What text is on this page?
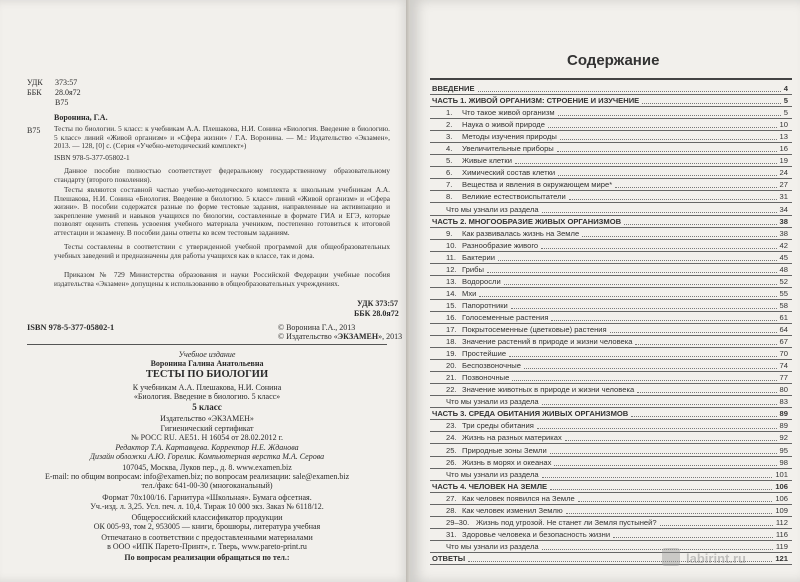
УДК 373:57
ББК 28.0я72
В75
Воронина, Г.А.
В75 Тесты по биологии. 5 класс: к учебникам А.А. Плешакова, Н.И. Сонина «Биология. Введение в биологию. 5 класс» линий «Живой организм» и «Сфера жизни» / Г.А. Воронина. — М.: Издательство «Экзамен», 2013. — 128, [0] с. (Серия «Учебно-методический комплект»)
ISBN 978-5-377-05802-1
Данное пособие полностью соответствует федеральному государственному образовательному стандарту (второго поколения).
Тесты являются составной частью учебно-методического комплекта к школьным учебникам А.А. Плешакова, Н.И. Сонина «Биология. Введение в биологию. 5 класс» линий «Живой организм» и «Сфера жизни». В пособии содержатся разные по форме тестовые задания, направленные на активизацию и закрепление умений и навыков учащихся по биологии, составленные в формате ГИА и ЕГЭ, которые позволят оценить степень усвоения учебного материала учеником, постепенно готовиться к итоговой аттестации и экзамену. В пособии даны ответы ко всем тестовым заданиям.
Тесты составлены в соответствии с утвержденной учебной программой для общеобразовательных учебных заведений и предназначены для работы учащихся как в классе, так и дома.
Приказом № 729 Министерства образования и науки Российской Федерации учебные пособия издательства «Экзамен» допущены к использованию в общеобразовательных учреждениях.
УДК 373:57
ББК 28.0я72
ISBN 978-5-377-05802-1	© Воронина Г.А., 2013
© Издательство «ЭКЗАМЕН», 2013
Учебное издание
Воронина Галина Анатольевна
ТЕСТЫ ПО БИОЛОГИИ
К учебникам А.А. Плешакова, Н.И. Сонина
«Биология. Введение в биологию. 5 класс»
5 класс
Издательство «ЭКЗАМЕН»
Гигиенический сертификат
№ РОСС RU. АЕ51. Н 16054 от 28.02.2012 г.
Редактор Т.А. Картавцева. Корректор Н.Е. Жданова
Дизайн обложки А.Ю. Горелик. Компьютерная верстка М.А. Серова
107045, Москва, Луков пер., д. 8. www.examen.biz
E-mail: по общим вопросам: info@examen.biz; по вопросам реализации: sale@examen.biz
тел./факс 641-00-30 (многоканальный)
Формат 70x100/16. Гарнитура «Школьная». Бумага офсетная.
Уч.-изд. л. 3,25. Усл. печ. л. 10,4. Тираж 10 000 экз. Заказ № 6118/12.
Общероссийский классификатор продукции
ОК 005-93, том 2, 953005 — книги, брошюры, литература учебная
Отпечатано в соответствии с предоставленными материалами
в ООО «ИПК Парето-Принт», г. Тверь, www.pareto-print.ru
По вопросам реализации обращаться по тел.:
Содержание
ВВЕДЕНИЕ	4
ЧАСТЬ 1. ЖИВОЙ ОРГАНИЗМ: СТРОЕНИЕ И ИЗУЧЕНИЕ	5
1. Что такое живой организм	5
2. Наука о живой природе	10
3. Методы изучения природы	13
4. Увеличительные приборы	16
5. Живые клетки	19
6. Химический состав клетки	24
7. Вещества и явления в окружающем мире*	27
8. Великие естествоиспытатели	31
Что мы узнали из раздела	34
ЧАСТЬ 2. МНОГООБРАЗИЕ ЖИВЫХ ОРГАНИЗМОВ	38
9. Как развивалась жизнь на Земле	38
10. Разнообразие живого	42
11. Бактерии	45
12. Грибы	48
13. Водоросли	52
14. Мхи	55
15. Папоротники	58
16. Голосеменные растения	61
17. Покрытосеменные (цветковые) растения	64
18. Значение растений в природе и жизни человека	67
19. Простейшие	70
20. Беспозвоночные	74
21. Позвоночные	77
22. Значение животных в природе и жизни человека	80
Что мы узнали из раздела	83
ЧАСТЬ 3. СРЕДА ОБИТАНИЯ ЖИВЫХ ОРГАНИЗМОВ	89
23. Три среды обитания	89
24. Жизнь на разных материках	92
25. Природные зоны Земли	95
26. Жизнь в морях и океанах	98
Что мы узнали из раздела	101
ЧАСТЬ 4. ЧЕЛОВЕК НА ЗЕМЛЕ	106
27. Как человек появился на Земле	106
28. Как человек изменил Землю	109
29–30. Жизнь под угрозой. Не станет ли Земля пустыней?	112
31. Здоровье человека и безопасность жизни	116
Что мы узнали из раздела	119
ОТВЕТЫ	121
labirint.ru
